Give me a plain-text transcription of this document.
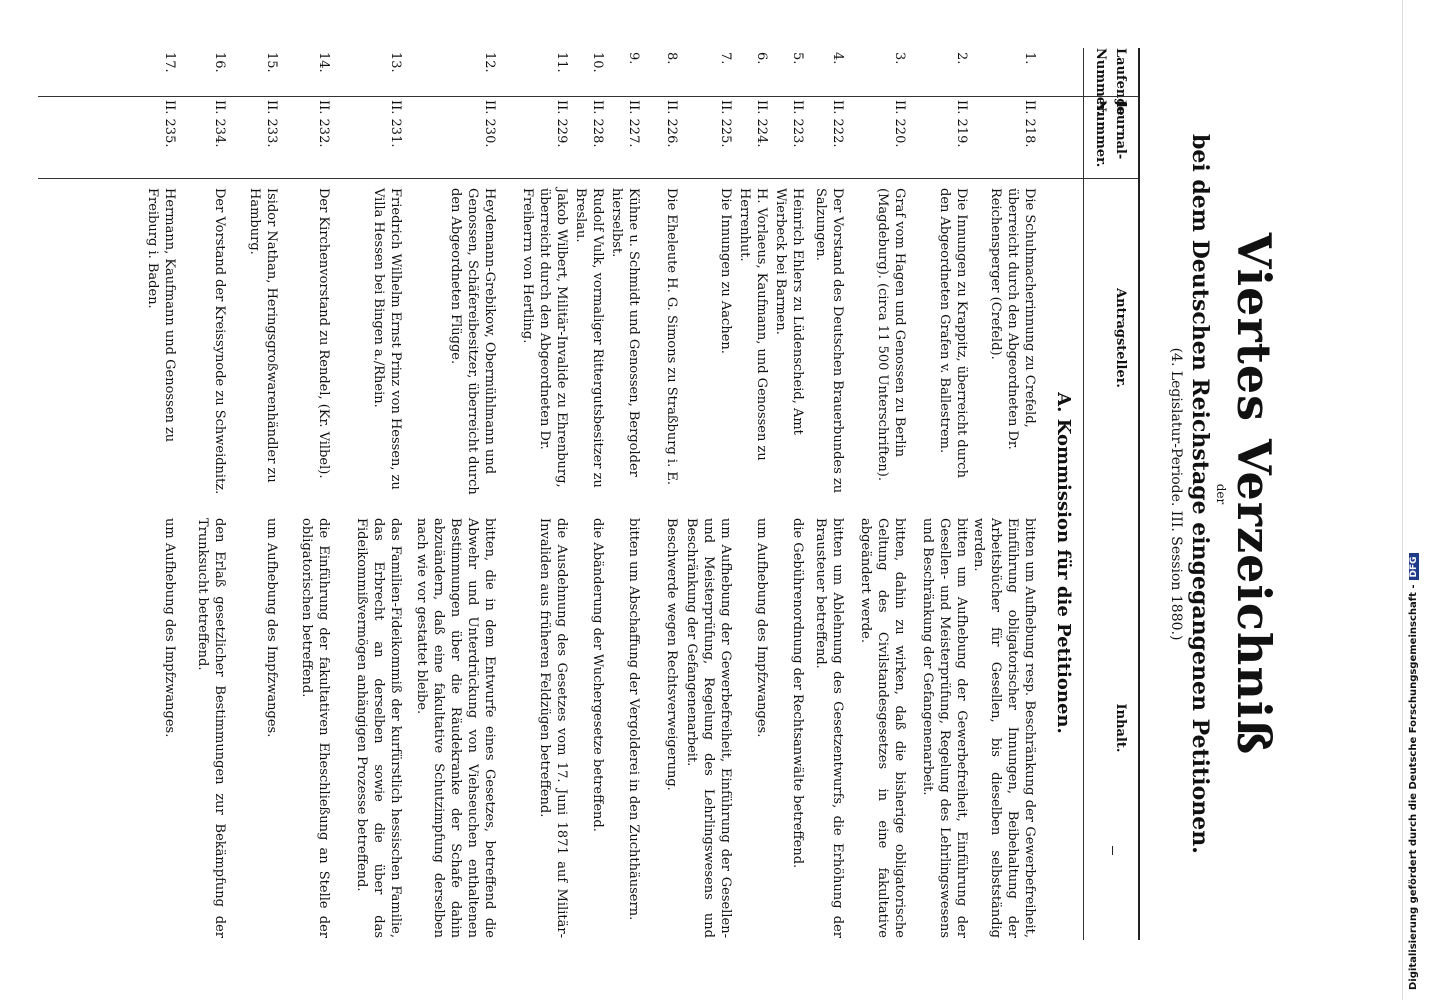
Viertes Verzeichniß
der
bei dem Deutschen Reichstage eingegangenen Petitionen.
(4. Legislatur-Periode. III. Session 1880.)
Laufende Nummer.
Journal-Nummer.
Antragsteller.
Inhalt.
A. Kommission für die Petitionen.
1.
II. 218.
Die Schuhmacherinnung zu Crefeld, überreicht durch den Abgeordneten Dr. Reichensperger (Crefeld).
bitten um Aufhebung resp. Beschränkung der Gewerbefreiheit, Einführung obligatorischer Innungen, Beibehaltung der Arbeitsbücher für Gesellen, bis dieselben selbstständig werden.
2.
II. 219.
Die Innungen zu Krappitz, überreicht durch den Abgeordneten Grafen v. Ballestrem.
bitten um Aufhebung der Gewerbefreiheit, Einführung der Gesellen- und Meisterprüfung, Regelung des Lehrlingswesens und Beschränkung der Gefangenenarbeit.
3.
II. 220.
Graf vom Hagen und Genossen zu Berlin (Magdeburg). (circa 11 500 Unterschriften).
bitten, dahin zu wirken, daß die bisherige obligatorische Geltung des Civilstandesgesetzes in eine fakultative abgeändert werde.
4.
II. 222.
Der Vorstand des Deutschen Brauerbundes zu Salzungen.
bitten um Ablehnung des Gesetzentwurfs, die Erhöhung der Brausteuer betreffend.
5.
II. 223.
Heinrich Ehlers zu Lüdenscheid, Amt Wierbeck bei Barmen.
die Gebührenordnung der Rechtsanwälte betreffend.
6.
II. 224.
H. Vorlaeus, Kaufmann, und Genossen zu Herrenhut.
um Aufhebung des Impfzwanges.
7.
II. 225.
Die Innungen zu Aachen.
um Aufhebung der Gewerbefreiheit, Einführung der Gesellen- und Meisterprüfung, Regelung des Lehrlingswesens und Beschränkung der Gefangenenarbeit.
8.
II. 226.
Die Eheleute H. G. Simons zu Straßburg i. E.
Beschwerde wegen Rechtsverweigerung.
9.
II. 227.
Kühne u. Schmidt und Genossen, Bergolder hierselbst.
bitten um Abschaffung der Vergolderei in den Zuchthäusern.
10.
II. 228.
Rudolf Vulk, vormaliger Rittergutsbesitzer zu Breslau.
die Abänderung der Wuchergesetze betreffend.
11.
II. 229.
Jakob Wilbert, Militär-Invalide zu Ehrenburg, überreicht durch den Abgeordneten Dr. Freiherrn von Hertling.
die Ausdehnung des Gesetzes vom 17. Juni 1871 auf Militär-Invaliden aus früheren Feldzügen betreffend.
12.
II. 230.
Heydemann-Grebikow, Obermühlmann und Genossen, Schäfereibesitzer, überreicht durch den Abgeordneten Flügge.
bitten, die in dem Entwurfe eines Gesetzes, betreffend die Abwehr und Unterdrückung von Viehseuchen enthaltenen Bestimmungen über die Räudekranke der Schafe dahin abzuändern, daß eine fakultative Schutzimpfung derselben nach wie vor gestattet bleibe.
13.
II. 231.
Friedrich Wilhelm Ernst Prinz von Hessen, zu Villa Hessen bei Bingen a./Rhein.
das Familien-Fideikommiß der kurfürstlich hessischen Familie, das Erbrecht an derselben sowie die über das Fideikommißvermögen anhängigen Prozesse betreffend.
14.
II. 232.
Der Kirchenvorstand zu Rendel, (Kr. Vilbel).
die Einführung der fakultativen Eheschließung an Stelle der obligatorischen betreffend.
15.
II. 233.
Isidor Nathan, Heringsgroßwarenhändler zu Hamburg.
um Aufhebung des Impfzwanges.
16.
II. 234.
Der Vorstand der Kreissynode zu Schweidnitz.
den Erlaß gesetzlicher Bestimmungen zur Bekämpfung der Trunksucht betreffend.
17.
II. 235.
Hermann, Kaufmann und Genossen zu Freiburg i. Baden.
um Aufhebung des Impfzwanges.	Digitalisierung gefördert durch die Deutsche Forschungsgemeinschaft -DFG
